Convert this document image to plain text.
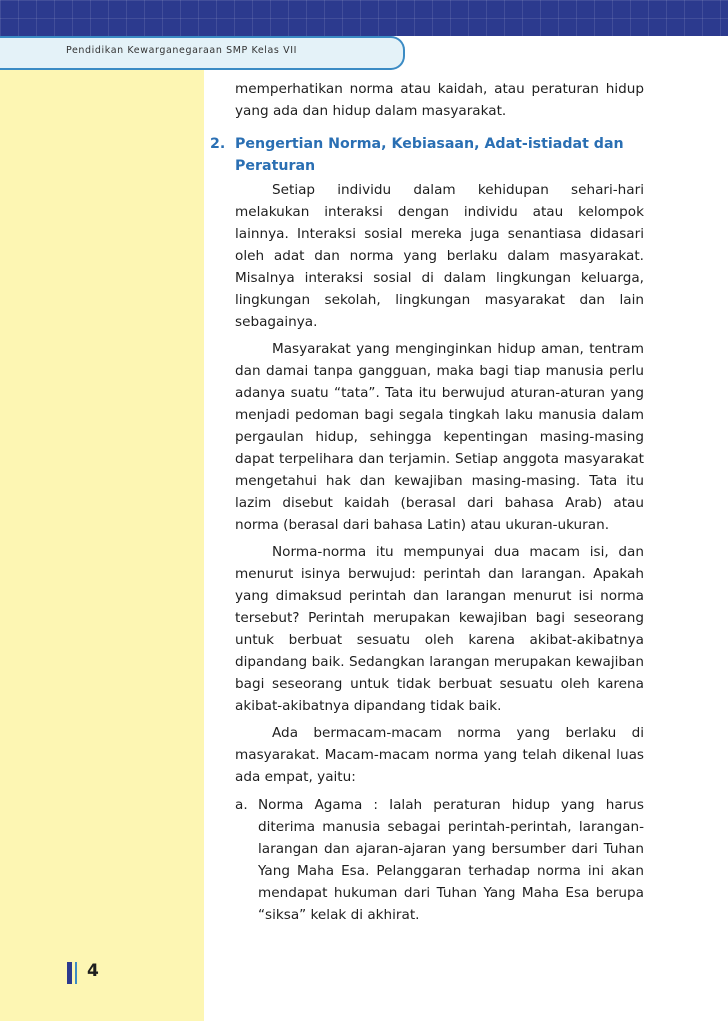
Pendidikan Kewarganegaraan SMP Kelas VII

memperhatikan norma atau kaidah, atau peraturan hidup yang ada dan hidup dalam masyarakat.

2. Pengertian Norma, Kebiasaan, Adat-istiadat dan Peraturan

Setiap individu dalam kehidupan sehari-hari melakukan interaksi dengan individu atau kelompok lainnya. Interaksi sosial mereka juga senantiasa didasari oleh adat dan norma yang berlaku dalam masyarakat. Misalnya interaksi sosial di dalam lingkungan keluarga, lingkungan sekolah, lingkungan masyarakat dan lain sebagainya.

Masyarakat yang menginginkan hidup aman, tentram dan damai tanpa gangguan, maka bagi tiap manusia perlu adanya suatu “tata”. Tata itu berwujud aturan-aturan yang menjadi pedoman bagi segala tingkah laku manusia dalam pergaulan hidup, sehingga kepentingan masing-masing dapat terpelihara dan terjamin. Setiap anggota masyarakat mengetahui hak dan kewajiban masing-masing. Tata itu lazim disebut kaidah (berasal dari bahasa Arab) atau norma (berasal dari bahasa Latin) atau ukuran-ukuran.

Norma-norma itu mempunyai dua macam isi, dan menurut isinya berwujud: perintah dan larangan. Apakah yang dimaksud perintah dan larangan menurut isi norma tersebut? Perintah merupakan kewajiban bagi seseorang untuk berbuat sesuatu oleh karena akibat-akibatnya dipandang baik. Sedangkan larangan merupakan kewajiban bagi seseorang untuk tidak berbuat sesuatu oleh karena akibat-akibatnya dipandang tidak baik.

Ada bermacam-macam norma yang berlaku di masyarakat. Macam-macam norma yang telah dikenal luas ada empat, yaitu:

a. Norma Agama : Ialah peraturan hidup yang harus diterima manusia sebagai perintah-perintah, larangan-larangan dan ajaran-ajaran yang bersumber dari Tuhan Yang Maha Esa. Pelanggaran terhadap norma ini akan mendapat hukuman dari Tuhan Yang Maha Esa berupa “siksa” kelak di akhirat.
4
